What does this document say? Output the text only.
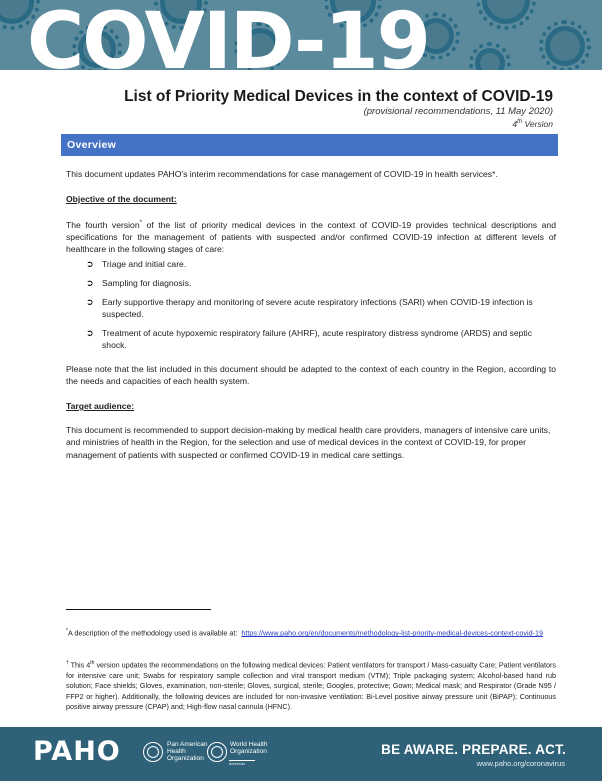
COVID-19
List of Priority Medical Devices in the context of COVID-19
(provisional recommendations, 11 May 2020)
4th Version
Overview
This document updates PAHO's interim recommendations for case management of COVID-19 in health services*.
Objective of the document:
The fourth version* of the list of priority medical devices in the context of COVID-19 provides technical descriptions and specifications for the management of patients with suspected and/or confirmed COVID-19 infection at different levels of healthcare in the following stages of care:
➲ Triage and initial care.
➲ Sampling for diagnosis.
➲ Early supportive therapy and monitoring of severe acute respiratory infections (SARI) when COVID-19 infection is suspected.
➲ Treatment of acute hypoxemic respiratory failure (AHRF), acute respiratory distress syndrome (ARDS) and septic shock.
Please note that the list included in this document should be adapted to the context of each country in the Region, according to the needs and capacities of each health system.
Target audience:
This document is recommended to support decision-making by medical health care providers, managers of intensive care units, and ministries of health in the Region, for the selection and use of medical devices in the context of COVID-19, for proper management of patients with suspected or confirmed COVID-19 in medical care settings.
*A description of the methodology used is available at: https://www.paho.org/en/documents/methodology-list-priority-medical-devices-context-covid-19
† This 4th version updates the recommendations on the following medical devices: Patient ventilators for transport / Mass-casualty Care; Patient ventilators for intensive care unit; Swabs for respiratory sample collection and viral transport medium (VTM); Triple packaging system; Alcohol-based hand rub solution; Face shields; Gloves, examination, non-sterile; Gloves, surgical, sterile; Googles, protective; Gown; Medical mask; and Respirator (Grade N95 / FFP2 or higher). Additionally, the following devices are included for non-invasive ventilation: Bi-Level positive airway pressure unit (BiPAP); Continuous positive airway pressure (CPAP) and; High-flow nasal cannula (HFNC).
PAHO	Pan American
Health
Organization
World Health
Organization
Americas
BE AWARE. PREPARE. ACT.
www.paho.org/coronavirus
